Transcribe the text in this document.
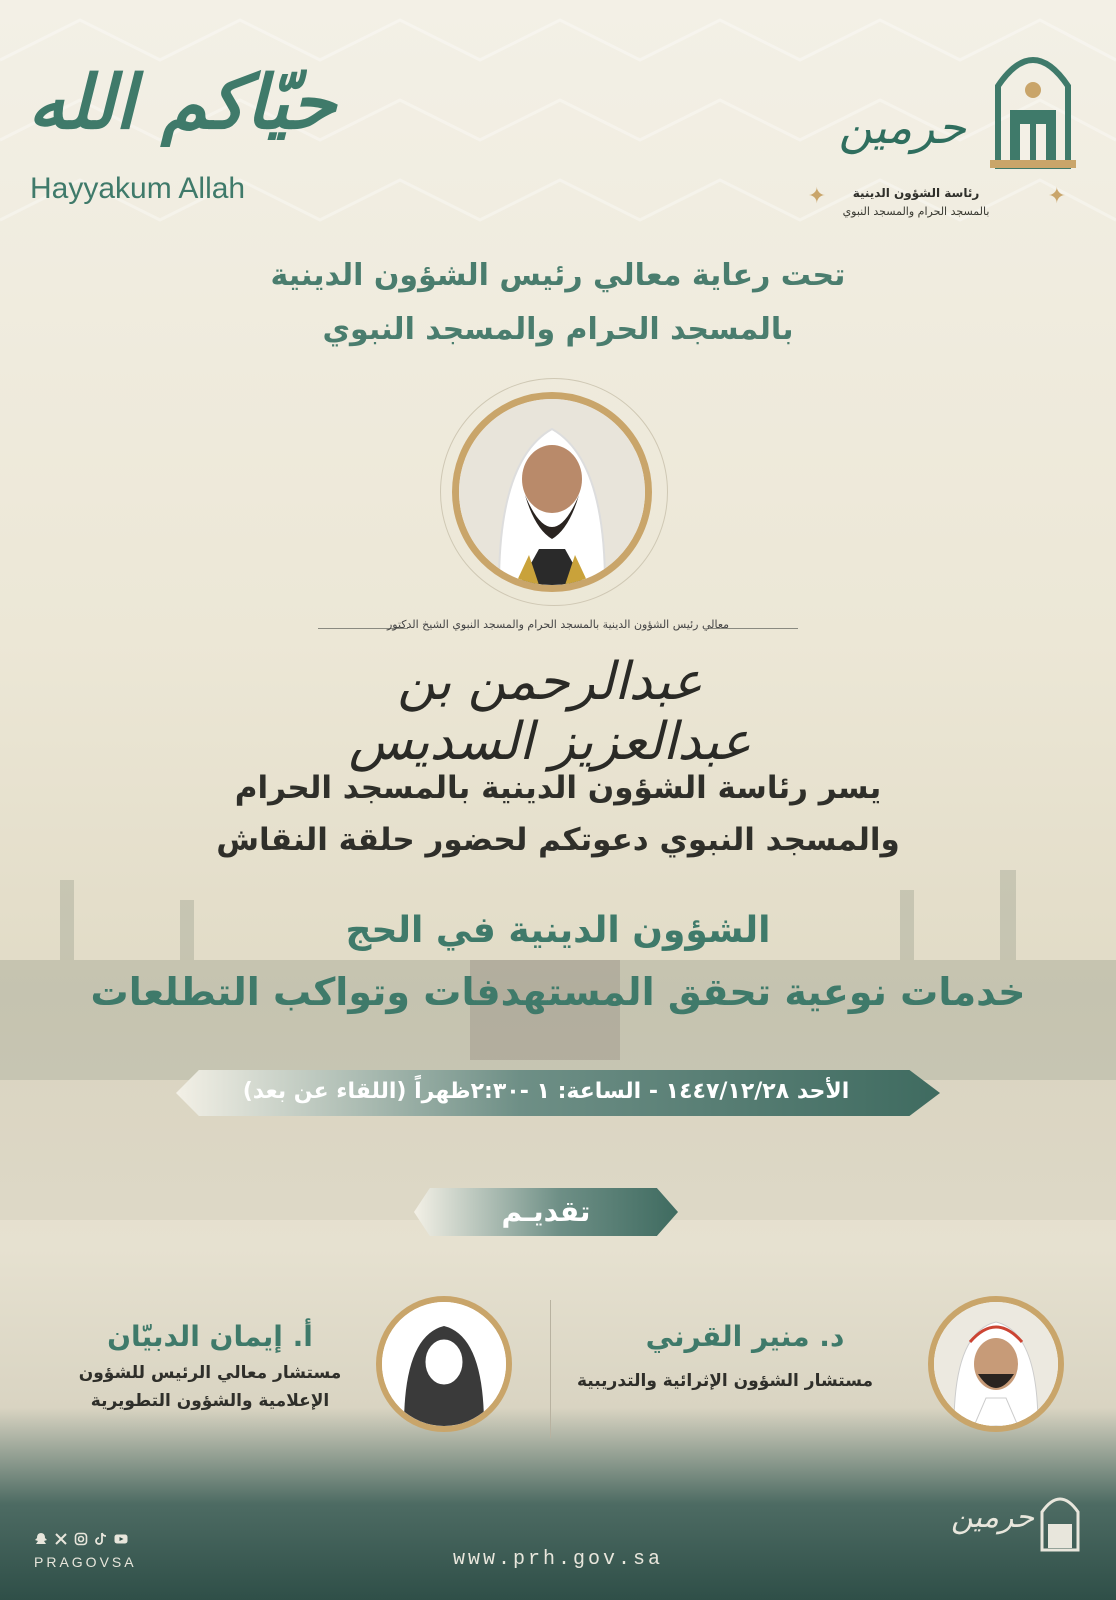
حرمين
رئاسة الشؤون الدينية
بالمسجد الحرام والمسجد النبوي
✦
✦
حيّاكم الله
Hayyakum Allah
تحت رعاية معالي رئيس الشؤون الدينية
بالمسجد الحرام والمسجد النبوي
معالي رئيس الشؤون الدينية بالمسجد الحرام والمسجد النبوي الشيخ الدكتور
عبدالرحمن بن عبدالعزيز السديس
يسر رئاسة الشؤون الدينية بالمسجد الحرام
والمسجد النبوي دعوتكم لحضور حلقة النقاش
الشؤون الدينية في الحج
خدمات نوعية تحقق المستهدفات وتواكب التطلعات
الأحد ١٤٤٧/١٢/٢٨ - الساعة: ١ -٢:٣٠ظهراً (اللقاء عن بعد)
تقديـم
د. منير القرني
مستشار الشؤون الإثرائية والتدريبية
أ. إيمان الدبيّان
مستشار معالي الرئيس للشؤون
الإعلامية والشؤون التطويرية
PRAGOVSA	www.prh.gov.sa
حرمين
